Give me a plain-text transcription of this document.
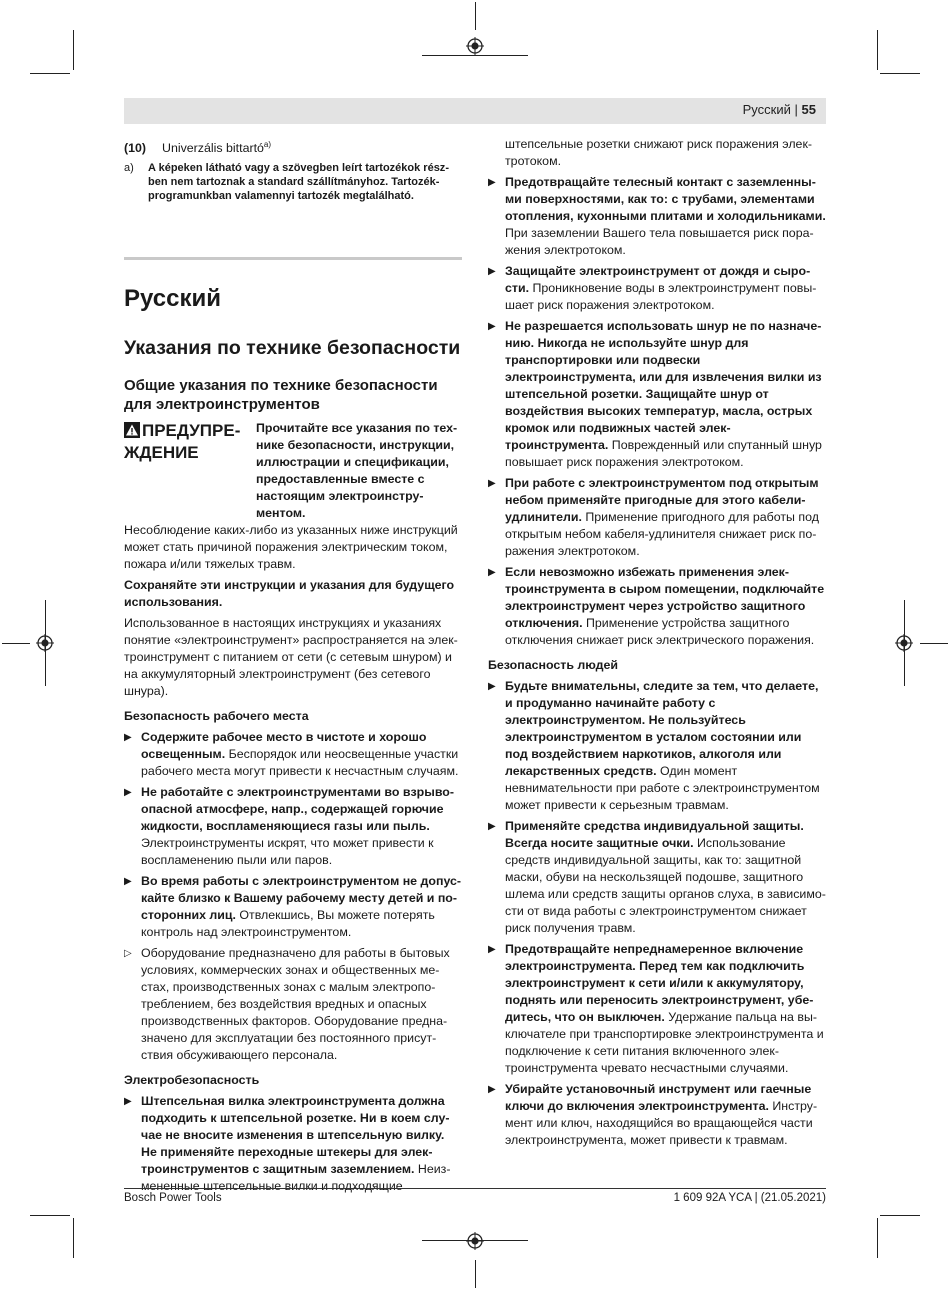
Русский | 55

(10) Univerzális bittartó$^{a)}$

a)	A képeken látható vagy a szövegben leírt tartozékok részben nem tartoznak a standard szállítmányhoz. Tartozékprogramunkban valamennyi tartozék megtalálható.
Русский
Указания по технике безопасности
Общие указания по технике безопасности для электроинструментов
ПРЕДУПРЕЖДЕНИЕ

Прочитайте все указания по технике безопасности, инструкции, иллюстрации и спецификации, предоставленные вместе с настоящим электроинструментом.

Несоблюдение каких-либо из указанных ниже инструкций может стать причиной поражения электрическим током, пожара и/или тяжелых травм.

Сохраняйте эти инструкции и указания для будущего использования.

Использованное в настоящих инструкциях и указаниях понятие «электроинструмент» распространяется на электроинструмент с питанием от сети (с сетевым шнуром) и на аккумуляторный электроинструмент (без сетевого шнура).

Безопасность рабочего места
▶ Содержите рабочее место в чистоте и хорошо освещенным. Беспорядок или неосвещенные участки рабочего места могут привести к несчастным случаям.
▶ Не работайте с электроинструментами во взрывоопасной атмосфере, напр., содержащей горючие жидкости, воспламеняющиеся газы или пыль. Электроинструменты искрят, что может привести к воспламенению пыли или паров.
▶ Во время работы с электроинструментом не допускайте близко к Вашему рабочему месту детей и посторонних лиц. Отвлекшись, Вы можете потерять контроль над электроинструментом.
▷ Оборудование предназначено для работы в бытовых условиях, коммерческих зонах и общественных местах, производственных зонах с малым электропотреблением, без воздействия вредных и опасных производственных факторов. Оборудование предназначено для эксплуатации без постоянного присутствия обсуживающего персонала.
Электробезопасность
▶ Штепсельная вилка электроинструмента должна подходить к штепсельной розетке. Ни в коем случае не вносите изменения в штепсельную вилку. Не применяйте переходные штекеры для электроинструментов с защитным заземлением. Неизмененные штепсельные вилки и подходящие

штепсельные розетки снижают риск поражения электротоком.

▶ Предотвращайте телесный контакт с заземленными поверхностями, как то: с трубами, элементами отопления, кухонными плитами и холодильниками. При заземлении Вашего тела повышается риск поражения электротоком.
▶ Защищайте электроинструмент от дождя и сырости. Проникновение воды в электроинструмент повышает риск поражения электротоком.
▶ Не разрешается использовать шнур не по назначению. Никогда не используйте шнур для транспортировки или подвески электроинструмента, или для извлечения вилки из штепсельной розетки. Защищайте шнур от воздействия высоких температур, масла, острых кромок или подвижных частей электроинструмента. Поврежденный или спутанный шнур повышает риск поражения электротоком.
▶ При работе с электроинструментом под открытым небом применяйте пригодные для этого кабели-удлинители. Применение пригодного для работы под открытым небом кабеля-удлинителя снижает риск поражения электротоком.
▶ Если невозможно избежать применения электроинструмента в сыром помещении, подключайте электроинструмент через устройство защитного отключения. Применение устройства защитного отключения снижает риск электрического поражения.
Безопасность людей
▶ Будьте внимательны, следите за тем, что делаете, и продуманно начинайте работу с электроинструментом. Не пользуйтесь электроинструментом в усталом состоянии или под воздействием наркотиков, алкоголя или лекарственных средств. Один момент невнимательности при работе с электроинструментом может привести к серьезным травмам.
▶ Применяйте средства индивидуальной защиты. Всегда носите защитные очки. Использование средств индивидуальной защиты, как то: защитной маски, обуви на нескользящей подошве, защитного шлема или средств защиты органов слуха, в зависимости от вида работы с электроинструментом снижает риск получения травм.
▶ Предотвращайте непреднамеренное включение электроинструмента. Перед тем как подключить электроинструмент к сети и/или к аккумулятору, поднять или переносить электроинструмент, убедитесь, что он выключен. Удержание пальца на выключателе при транспортировке электроинструмента и подключение к сети питания включенного электроинструмента чревато несчастными случаями.
▶ Убирайте установочный инструмент или гаечные ключи до включения электроинструмента. Инструмент или ключ, находящийся во вращающейся части электроинструмента, может привести к травмам.
Bosch Power Tools	1 609 92A YCA | (21.05.2021)
